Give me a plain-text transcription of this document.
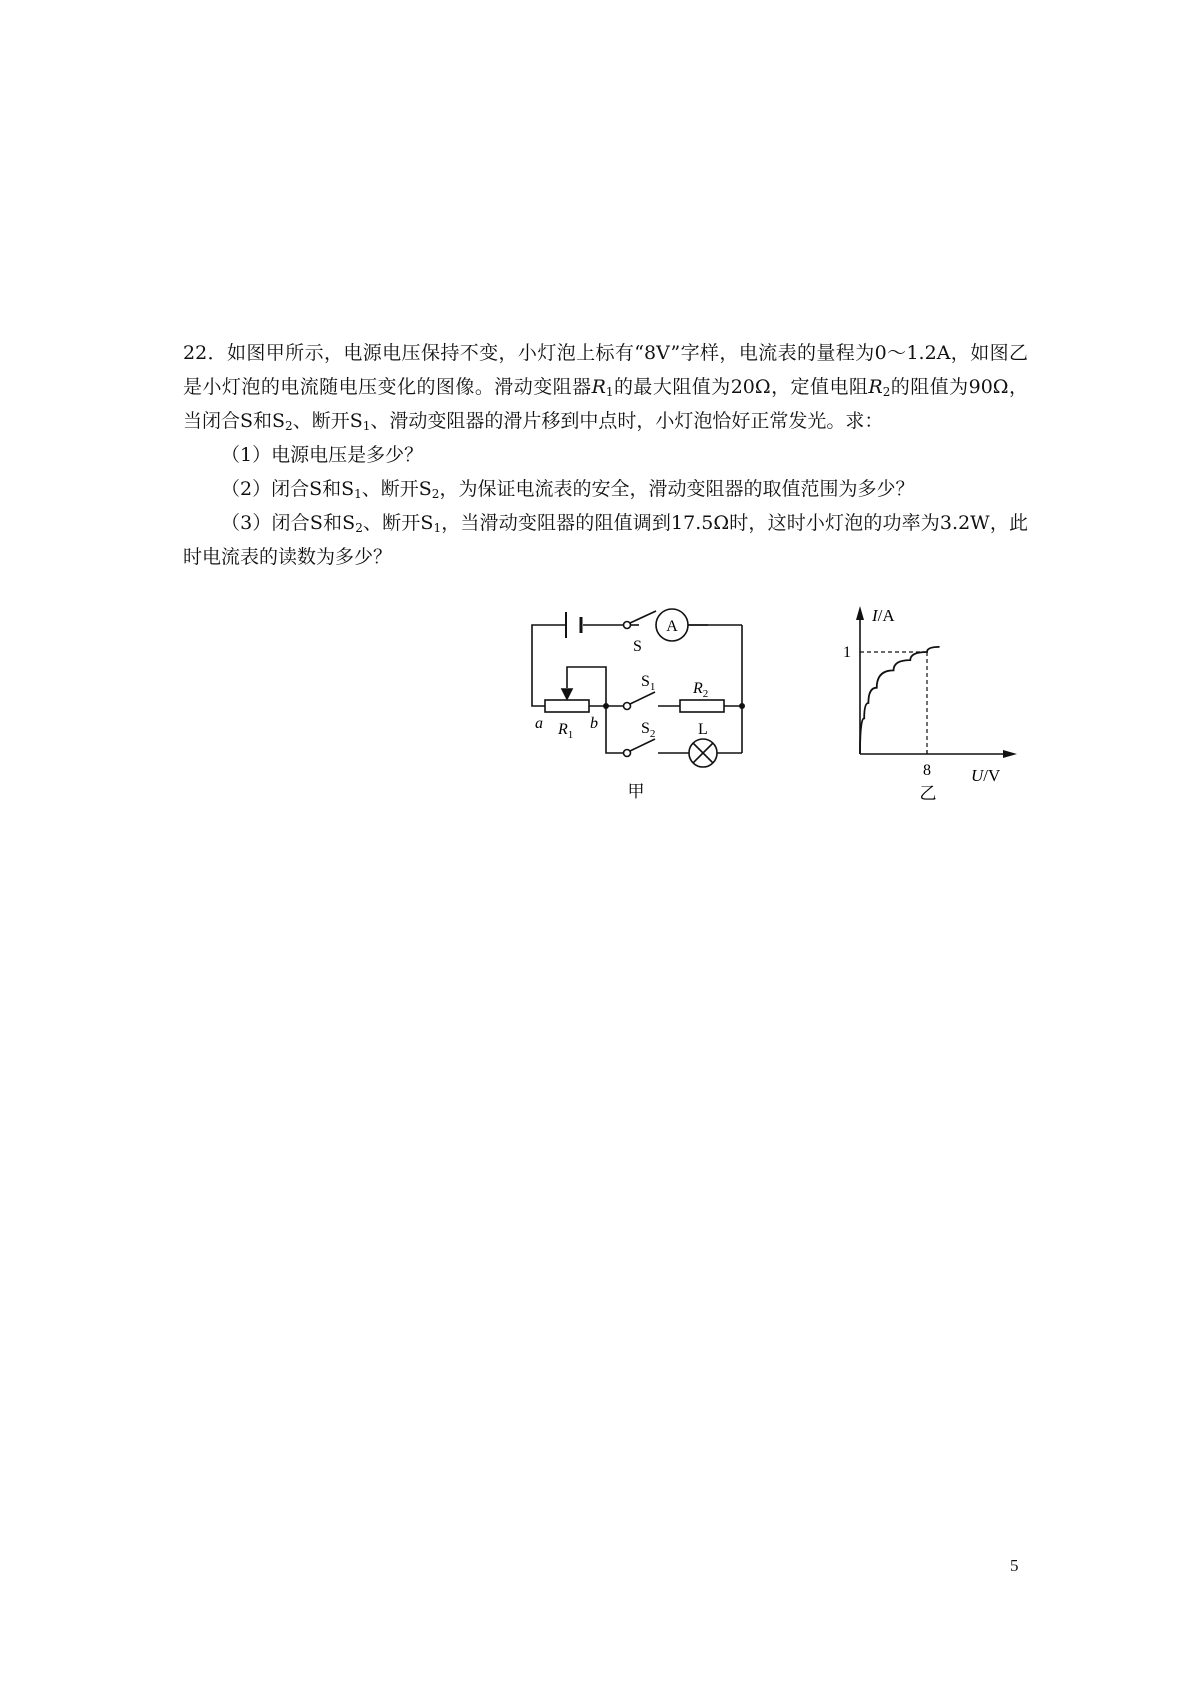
22．如图甲所示，电源电压保持不变，小灯泡上标有“8V”字样，电流表的量程为0～1.2A，如图乙是小灯泡的电流随电压变化的图像。滑动变阻器$R_1$的最大阻值为20Ω，定值电阻$R_2$的阻值为90Ω，当闭合S和$S_2$、断开$S_1$、滑动变阻器的滑片移到中点时，小灯泡恰好正常发光。求：

（1）电源电压是多少？

（2）闭合S和$S_1$、断开$S_2$，为保证电流表的安全，滑动变阻器的取值范围为多少？

（3）闭合S和$S_2$、断开$S_1$，当滑动变阻器的阻值调到17.5Ω时，这时小灯泡的功率为3.2W，此时电流表的读数为多少？

S
A
$S_1$ $R_2$
$S_2$	L
a $R_1$
b
甲
I/A
U/V
1
8
乙
5
